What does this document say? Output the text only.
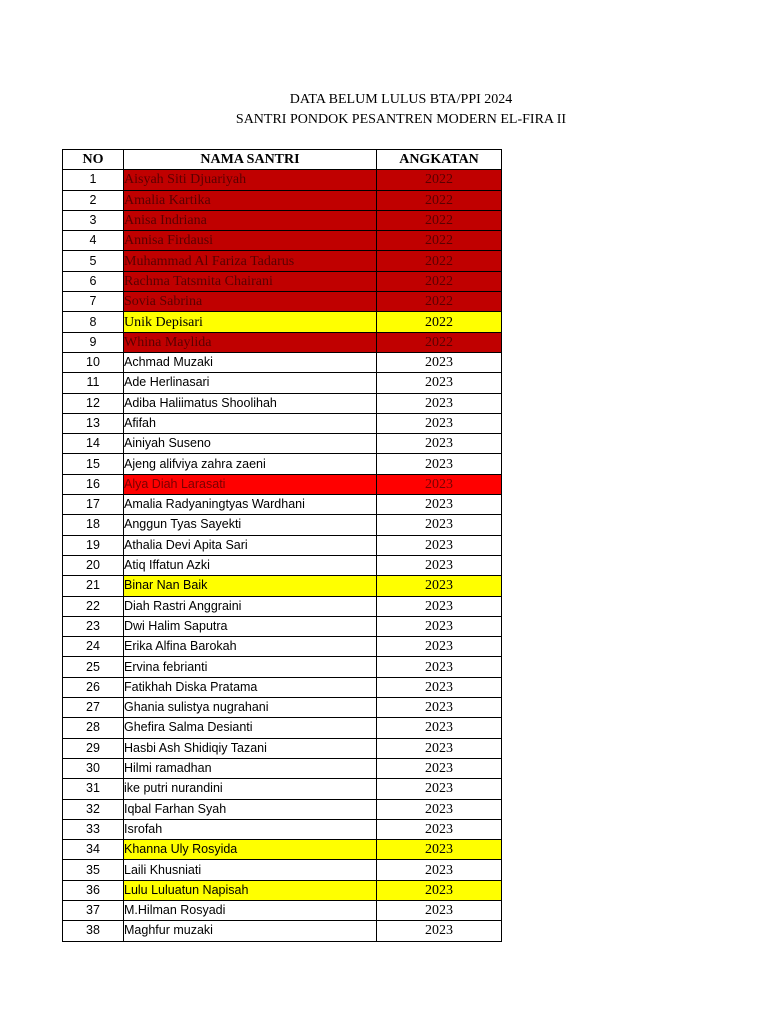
DATA BELUM LULUS BTA/PPI 2024
SANTRI PONDOK PESANTREN MODERN EL-FIRA II
NO	NAMA SANTRI	ANGKATAN
1	Aisyah Siti Djuariyah	2022
2	Amalia Kartika	2022
3	Anisa Indriana	2022
4	Annisa Firdausi	2022
5	Muhammad Al Fariza Tadarus	2022
6	Rachma Tatsmita Chairani	2022
7	Sovia Sabrina	2022
8	Unik Depisari	2022
9	Whina Maylida	2022
10	Achmad Muzaki	2023
11	Ade Herlinasari	2023
12	Adiba Haliimatus Shoolihah	2023
13	Afifah	2023
14	Ainiyah Suseno	2023
15	Ajeng alifviya zahra zaeni	2023
16	Alya Diah Larasati	2023
17	Amalia Radyaningtyas Wardhani	2023
18	Anggun Tyas Sayekti	2023
19	Athalia Devi Apita Sari	2023
20	Atiq Iffatun Azki	2023
21	Binar Nan Baik	2023
22	Diah Rastri Anggraini	2023
23	Dwi Halim Saputra	2023
24	Erika Alfina Barokah	2023
25	Ervina febrianti	2023
26	Fatikhah Diska Pratama	2023
27	Ghania sulistya nugrahani	2023
28	Ghefira Salma Desianti	2023
29	Hasbi Ash Shidiqiy Tazani	2023
30	Hilmi ramadhan	2023
31	ike putri nurandini	2023
32	Iqbal Farhan Syah	2023
33	Isrofah	2023
34	Khanna Uly Rosyida	2023
35	Laili Khusniati	2023
36	Lulu Luluatun Napisah	2023
37	M.Hilman Rosyadi	2023
38	Maghfur muzaki	2023
